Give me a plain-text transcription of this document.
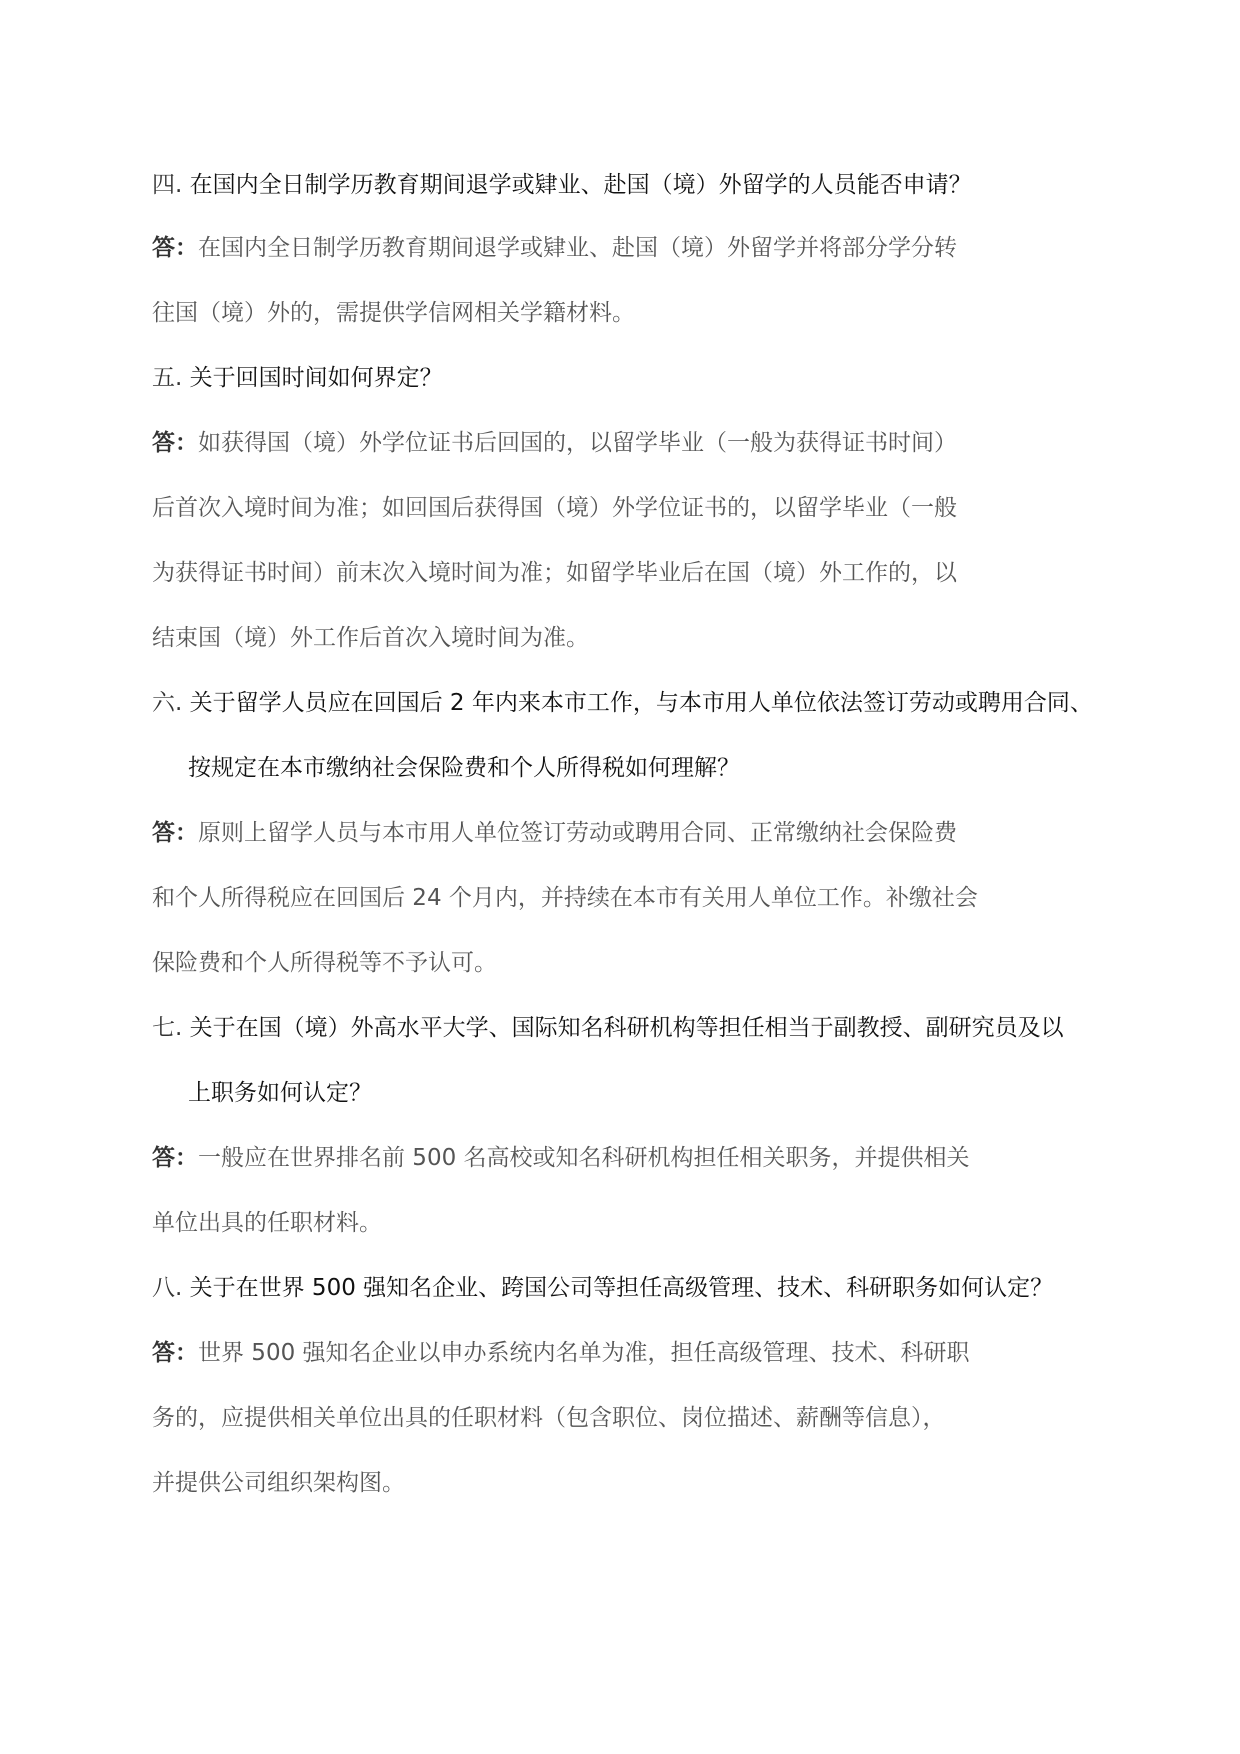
四. 在国内全日制学历教育期间退学或肄业、赴国（境）外留学的人员能否申请？
答：在国内全日制学历教育期间退学或肄业、赴国（境）外留学并将部分学分转
往国（境）外的，需提供学信网相关学籍材料。
五. 关于回国时间如何界定？
答：如获得国（境）外学位证书后回国的，以留学毕业（一般为获得证书时间）
后首次入境时间为准；如回国后获得国（境）外学位证书的，以留学毕业（一般
为获得证书时间）前末次入境时间为准；如留学毕业后在国（境）外工作的，以
结束国（境）外工作后首次入境时间为准。
六. 关于留学人员应在回国后 2 年内来本市工作，与本市用人单位依法签订劳动或聘用合同、
按规定在本市缴纳社会保险费和个人所得税如何理解？
答：原则上留学人员与本市用人单位签订劳动或聘用合同、正常缴纳社会保险费
和个人所得税应在回国后 24 个月内，并持续在本市有关用人单位工作。补缴社会
保险费和个人所得税等不予认可。
七. 关于在国（境）外高水平大学、国际知名科研机构等担任相当于副教授、副研究员及以
上职务如何认定？
答：一般应在世界排名前 500 名高校或知名科研机构担任相关职务，并提供相关
单位出具的任职材料。
八. 关于在世界 500 强知名企业、跨国公司等担任高级管理、技术、科研职务如何认定？
答：世界 500 强知名企业以申办系统内名单为准，担任高级管理、技术、科研职
务的，应提供相关单位出具的任职材料（包含职位、岗位描述、薪酬等信息），
并提供公司组织架构图。
